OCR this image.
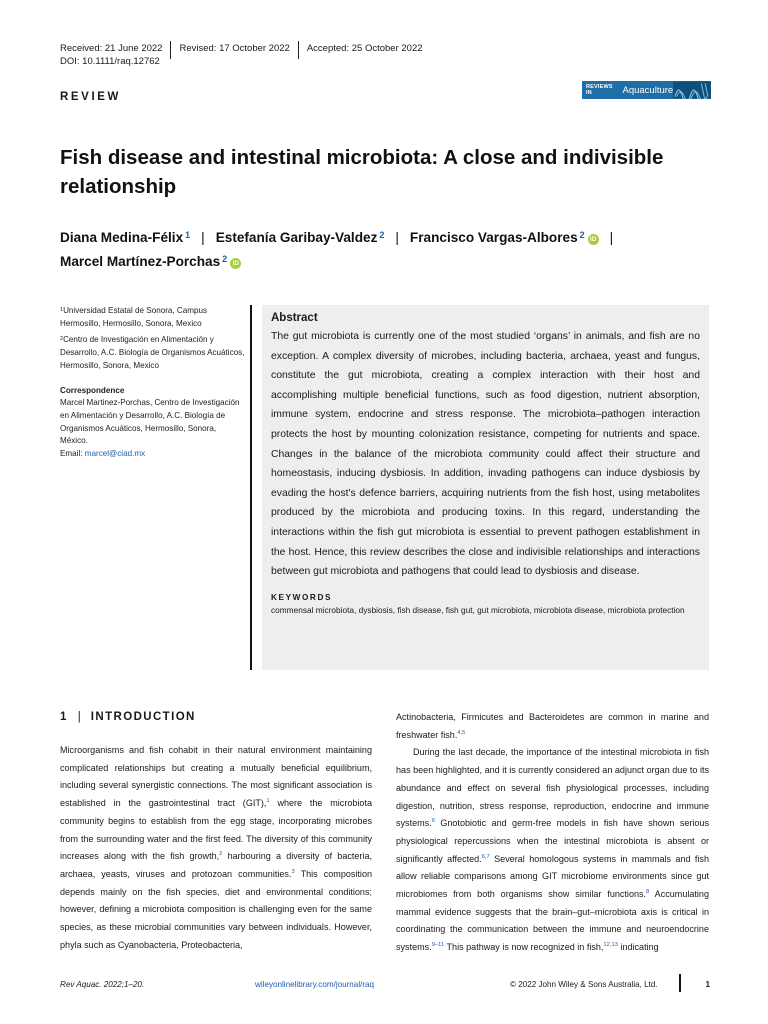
Received: 21 June 2022 Revised: 17 October 2022 Accepted: 25 October 2022
DOI: 10.1111/raq.12762
REVIEW
REVIEWS IN	Aquaculture
Fish disease and intestinal microbiota: A close and indivisible relationship
Diana Medina-Félix $^1$ | Estefanía Garibay-Valdez $^2$ | Francisco Vargas-Albores $^2$ iD |
Marcel Martínez-Porchas $^2$ iD

$^1$Universidad Estatal de Sonora, Campus Hermosillo, Hermosillo, Sonora, Mexico

$^2$Centro de Investigación en Alimentación y Desarrollo, A.C. Biología de Organismos Acuáticos, Hermosillo, Sonora, Mexico

Correspondence

Marcel Martinez-Porchas, Centro de Investigación en Alimentación y Desarrollo, A.C. Biología de Organismos Acuáticos, Hermosillo, Sonora, México.
Email: marcel@ciad.mx

Abstract
The gut microbiota is currently one of the most studied ‘organs’ in animals, and fish are no exception. A complex diversity of microbes, including bacteria, archaea, yeast and fungus, constitute the gut microbiota, creating a complex interaction with their host and accomplishing multiple beneficial functions, such as food digestion, nutrient absorption, immune system, endocrine and stress response. The microbiota–pathogen interaction protects the host by mounting colonization resistance, competing for nutrients and space. Changes in the balance of the microbiota community could affect their structure and homeostasis, inducing dysbiosis. In addition, invading pathogens can induce dysbiosis by evading the host's defence barriers, acquiring nutrients from the fish host, using metabolites produced by the microbiota and producing toxins. In this regard, understanding the interactions within the fish gut microbiota is essential to prevent pathogen establishment in the host. Hence, this review describes the close and indivisible relationships and interactions between gut microbiota and pathogens that could lead to dysbiosis and disease.
KEYWORDS
commensal microbiota, dysbiosis, fish disease, fish gut, gut microbiota, microbiota disease, microbiota protection
1 | INTRODUCTION

Microorganisms and fish cohabit in their natural environment maintaining complicated relationships but creating a mutually beneficial equilibrium, including several synergistic connections. The most significant association is established in the gastrointestinal tract (GIT),$^1$ where the microbiota community begins to establish from the egg stage, incorporating microbes from the surrounding water and the first feed. The diversity of this community increases along with the fish growth,$^2$ harbouring a diversity of bacteria, archaea, yeasts, viruses and protozoan communities.$^3$ This composition depends mainly on the fish species, diet and environmental conditions; however, defining a microbiota composition is challenging even for the same species, as these microbial communities vary between individuals. However, phyla such as Cyanobacteria, Proteobacteria,

Actinobacteria, Firmicutes and Bacteroidetes are common in marine and freshwater fish.$^{4,5}$

During the last decade, the importance of the intestinal microbiota in fish has been highlighted, and it is currently considered an adjunct organ due to its abundance and effect on several fish physiological processes, including digestion, nutrition, stress response, reproduction, endocrine and immune systems.$^6$ Gnotobiotic and germ-free models in fish have shown serious physiological repercussions when the intestinal microbiota is absent or significantly affected.$^{6,7}$ Several homologous systems in mammals and fish allow reliable comparisons among GIT microbiome environments since gut microbiomes from both organisms show similar functions.$^8$ Accumulating mammal evidence suggests that the brain–gut–microbiota axis is critical in coordinating the communication between the immune and neuroendocrine systems.$^{9-11}$ This pathway is now recognized in fish,$^{12,13}$ indicating

Rev Aquac. 2022;1–20.	wileyonlinelibrary.com/journal/raq	© 2022 John Wiley & Sons Australia, Ltd.	1
